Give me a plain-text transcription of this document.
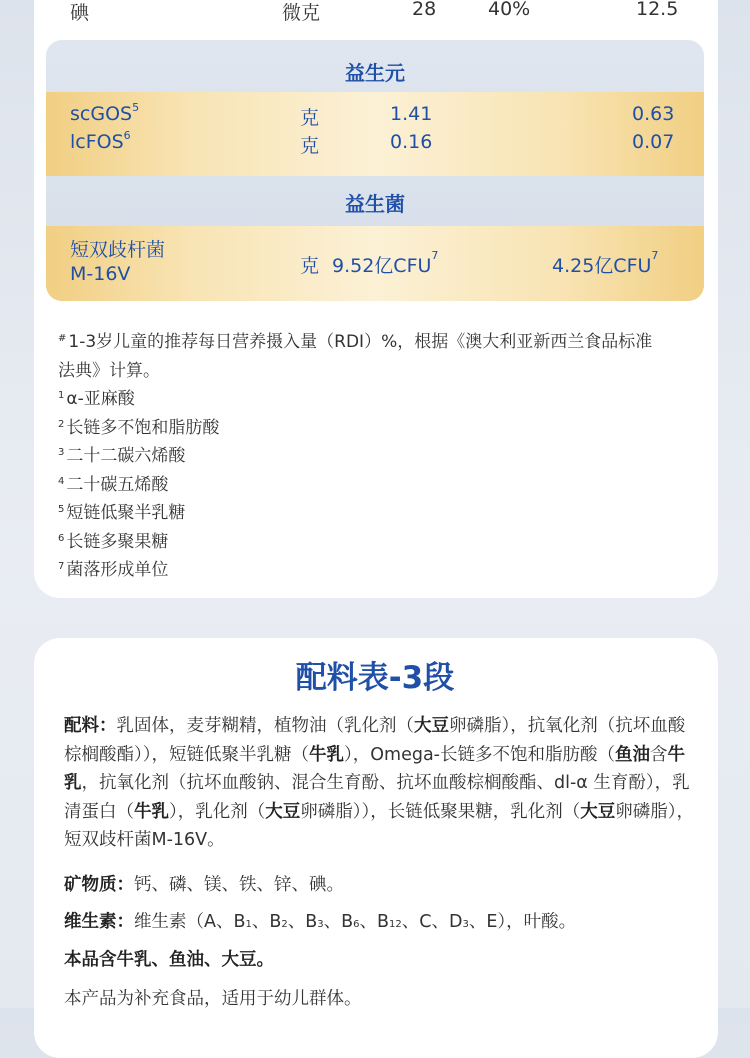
碘	微克	28	40%	12.5
益生元
scGOS$^5$	克	1.41	0.63
lcFOS$^6$	克	0.16	0.07
益生菌
短双歧杆菌
M-16V	克 9.52亿CFU$^7$	4.25亿CFU$^7$
# 1-3岁儿童的推荐每日营养摄入量（RDI）%，根据《澳大利亚新西兰食品标准
法典》计算。
$^1$ α-亚麻酸
$^2$ 长链多不饱和脂肪酸
$^3$ 二十二碳六烯酸
$^4$ 二十碳五烯酸
$^5$ 短链低聚半乳糖
$^6$ 长链多聚果糖
$^7$ 菌落形成单位
配料表-3段
配料：乳固体，麦芽糊精，植物油（乳化剂（大豆卵磷脂），抗氧化剂（抗坏血酸棕榈酸酯）），短链低聚半乳糖（牛乳），Omega-长链多不饱和脂肪酸（鱼油含牛乳，抗氧化剂（抗坏血酸钠、混合生育酚、抗坏血酸棕榈酸酯、dl-α 生育酚），乳清蛋白（牛乳），乳化剂（大豆卵磷脂）），长链低聚果糖，乳化剂（大豆卵磷脂），短双歧杆菌M-16V。
矿物质：钙、磷、镁、铁、锌、碘。
维生素：维生素（A、B1、B2、B3、B6、B12、C、D3、E），叶酸。
本品含牛乳、鱼油、大豆。
本产品为补充食品，适用于幼儿群体。
